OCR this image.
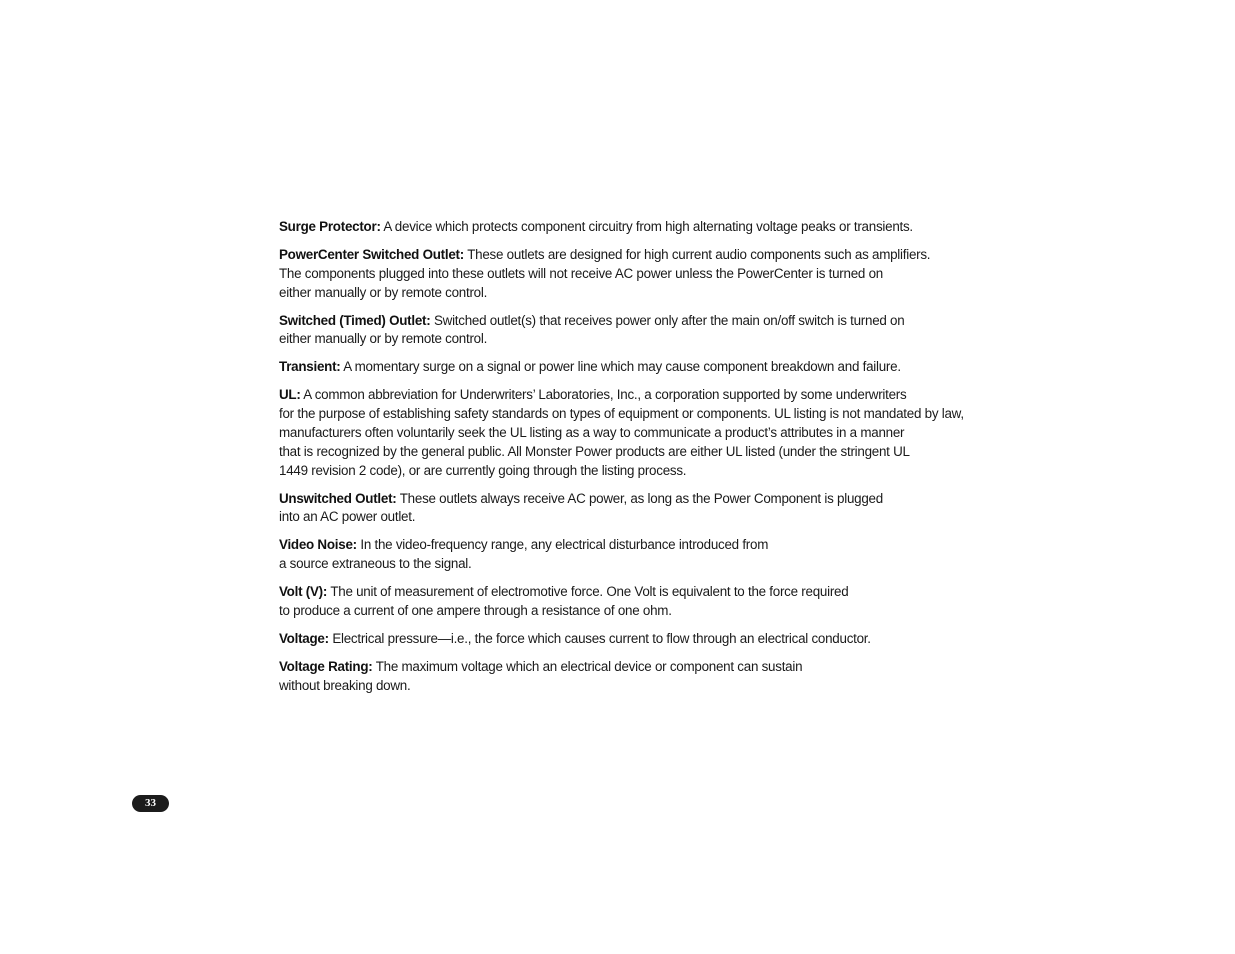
Surge Protector: A device which protects component circuitry from high alternating voltage peaks or transients.

PowerCenter Switched Outlet: These outlets are designed for high current audio components such as amplifiers.
The components plugged into these outlets will not receive AC power unless the PowerCenter is turned on
either manually or by remote control.

Switched (Timed) Outlet: Switched outlet(s) that receives power only after the main on/off switch is turned on
either manually or by remote control.

Transient: A momentary surge on a signal or power line which may cause component breakdown and failure.

UL: A common abbreviation for Underwriters’ Laboratories, Inc., a corporation supported by some underwriters
for the purpose of establishing safety standards on types of equipment or components. UL listing is not mandated by law,
manufacturers often voluntarily seek the UL listing as a way to communicate a product’s attributes in a manner
that is recognized by the general public. All Monster Power products are either UL listed (under the stringent UL
1449 revision 2 code), or are currently going through the listing process.

Unswitched Outlet: These outlets always receive AC power, as long as the Power Component is plugged
into an AC power outlet.

Video Noise: In the video-frequency range, any electrical disturbance introduced from
a source extraneous to the signal.

Volt (V): The unit of measurement of electromotive force. One Volt is equivalent to the force required
to produce a current of one ampere through a resistance of one ohm.

Voltage: Electrical pressure—i.e., the force which causes current to flow through an electrical conductor.

Voltage Rating: The maximum voltage which an electrical device or component can sustain
without breaking down.

33
